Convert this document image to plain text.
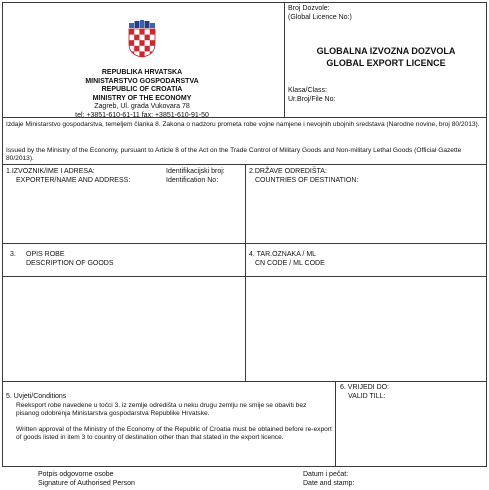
REPUBLIKA HRVATSKA
MINISTARSTVO GOSPODARSTVA
REPUBLIC OF CROATIA
MINISTRY OF THE ECONOMY
Zagreb, Ul. grada Vukovara 78
tel: +3851-610-61-11 fax: +3851-610-91-50
Broj Dozvole:
(Global Licence No:)
GLOBALNA IZVOZNA DOZVOLA
GLOBAL EXPORT LICENCE
Klasa/Class:
Ur.Broj/File No:
Izdaje Ministarstvo gospodarstva, temeljem članka 8. Zakona o nadzoru prometa robe vojne namjene i nevojnih ubojnih sredstava (Narodne novine, broj 80/2013).
Issued by the Ministry of the Economy, pursuant to Article 8 of the Act on the Trade Control of Military Goods and Non-military Lethal Goods (Official Gazette 80/2013).
1.IZVOZNIK/IME I ADRESA:
EXPORTER/NAME AND ADDRESS:
Identifikacijski broj:
Identification No:
2.DRŽAVE ODREDIŠTA:
COUNTRIES OF DESTINATION:
3. OPIS ROBE
DESCRIPTION OF GOODS
4. TAR.OZNAKA / ML
CN CODE / ML CODE
5. Uvjeti/Conditions
Reeksport robe navedene u točci 3. iz zemlje odredišta u neku drugu zemlju ne smije se obaviti bez pisanog odobrenja Ministarstva gospodarstva Republike Hrvatske.
Written approval of the Ministry of the Economy of the Republic of Croatia must be obtained before re-export of goods listed in item 3 to country of destination other than that stated in the export licence.
6. VRIJEDI DO:
VALID TILL:
Potpis odgovorne osobe
Signature of Authorised Person
Datum i pečat:
Date and stamp:
